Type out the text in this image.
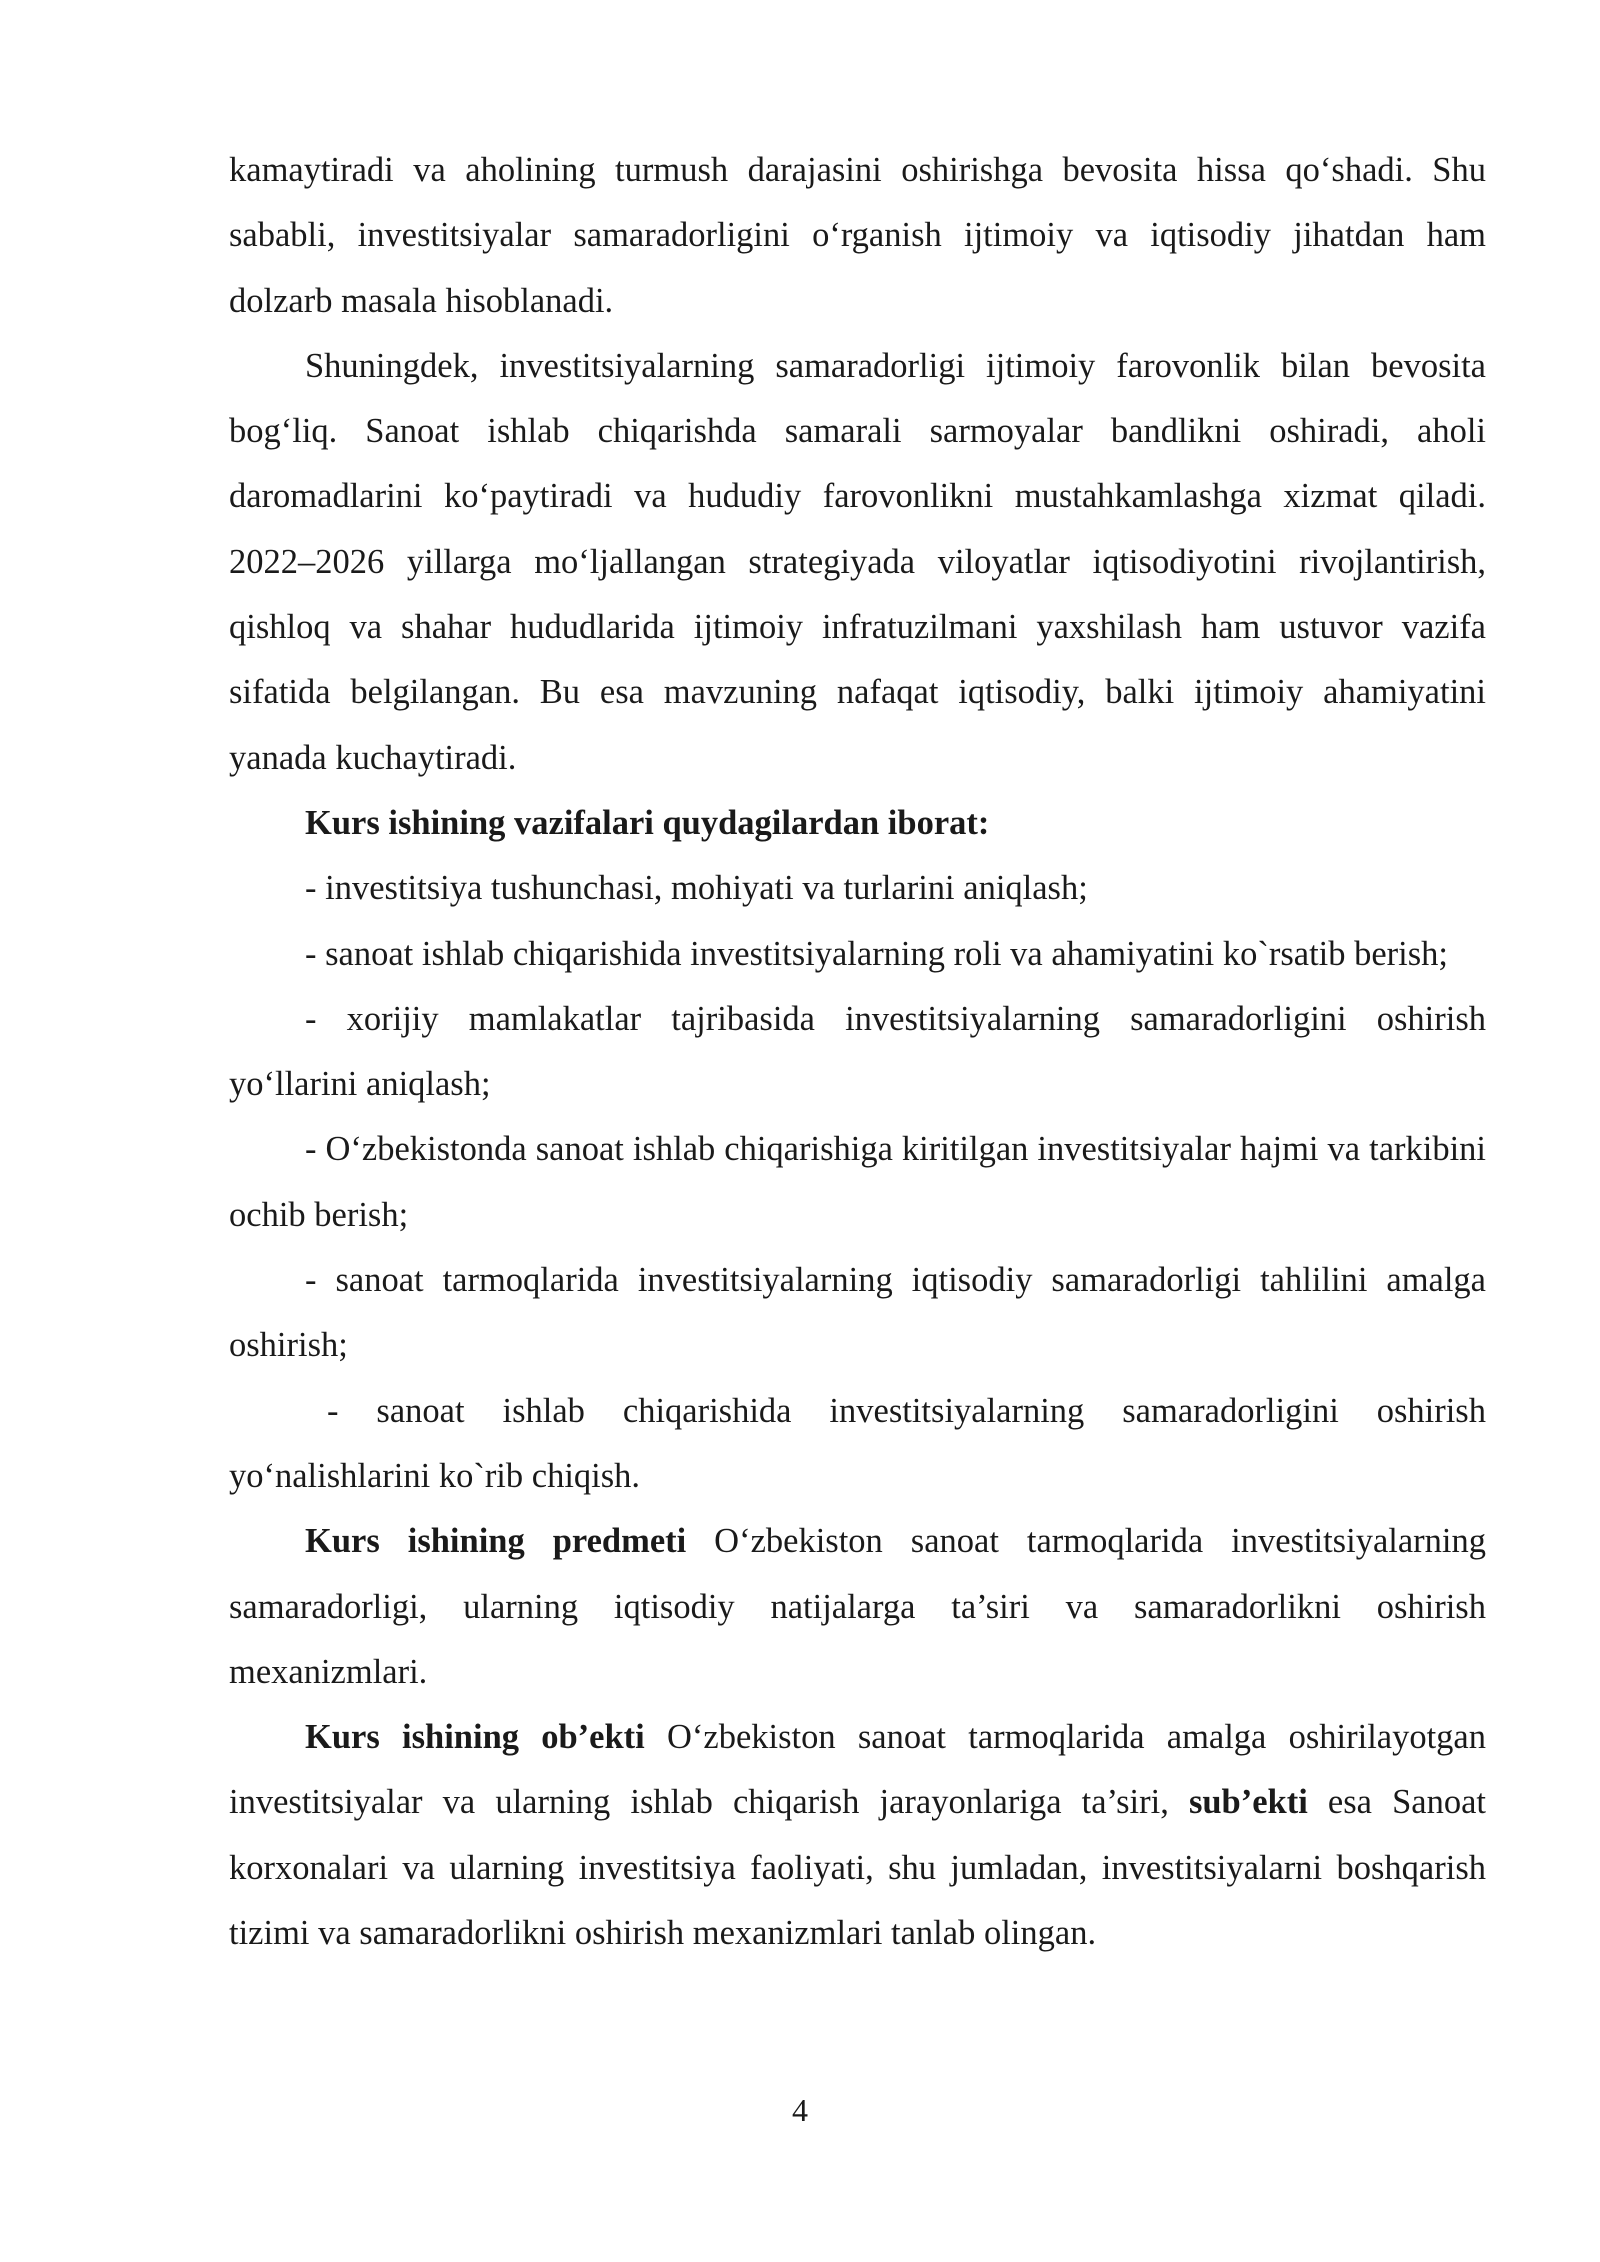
kamaytiradi va aholining turmush darajasini oshirishga bevosita hissa qo‘shadi. Shu sababli, investitsiyalar samaradorligini o‘rganish ijtimoiy va iqtisodiy jihatdan ham dolzarb masala hisoblanadi.

Shuningdek, investitsiyalarning samaradorligi ijtimoiy farovonlik bilan bevosita bog‘liq. Sanoat ishlab chiqarishda samarali sarmoyalar bandlikni oshiradi, aholi daromadlarini ko‘paytiradi va hududiy farovonlikni mustahkamlashga xizmat qiladi. 2022–2026 yillarga mo‘ljallangan strategiyada viloyatlar iqtisodiyotini rivojlantirish, qishloq va shahar hududlarida ijtimoiy infratuzilmani yaxshilash ham ustuvor vazifa sifatida belgilangan. Bu esa mavzuning nafaqat iqtisodiy, balki ijtimoiy ahamiyatini yanada kuchaytiradi.

Kurs ishining vazifalari quydagilardan iborat:

- investitsiya tushunchasi, mohiyati va turlarini aniqlash;

- sanoat ishlab chiqarishida investitsiyalarning roli va ahamiyatini ko`rsatib berish;

- xorijiy mamlakatlar tajribasida investitsiyalarning samaradorligini oshirish yo‘llarini aniqlash;

- O‘zbekistonda sanoat ishlab chiqarishiga kiritilgan investitsiyalar hajmi va tarkibini ochib berish;

- sanoat tarmoqlarida investitsiyalarning iqtisodiy samaradorligi tahlilini amalga oshirish;

- sanoat ishlab chiqarishida investitsiyalarning samaradorligini oshirish yo‘nalishlarini ko`rib chiqish.

Kurs ishining predmeti O‘zbekiston sanoat tarmoqlarida investitsiyalarning samaradorligi, ularning iqtisodiy natijalarga ta’siri va samaradorlikni oshirish mexanizmlari.

Kurs ishining ob’ekti O‘zbekiston sanoat tarmoqlarida amalga oshirilayotgan investitsiyalar va ularning ishlab chiqarish jarayonlariga ta’siri, sub’ekti esa Sanoat korxonalari va ularning investitsiya faoliyati, shu jumladan, investitsiyalarni boshqarish tizimi va samaradorlikni oshirish mexanizmlari tanlab olingan.

4
